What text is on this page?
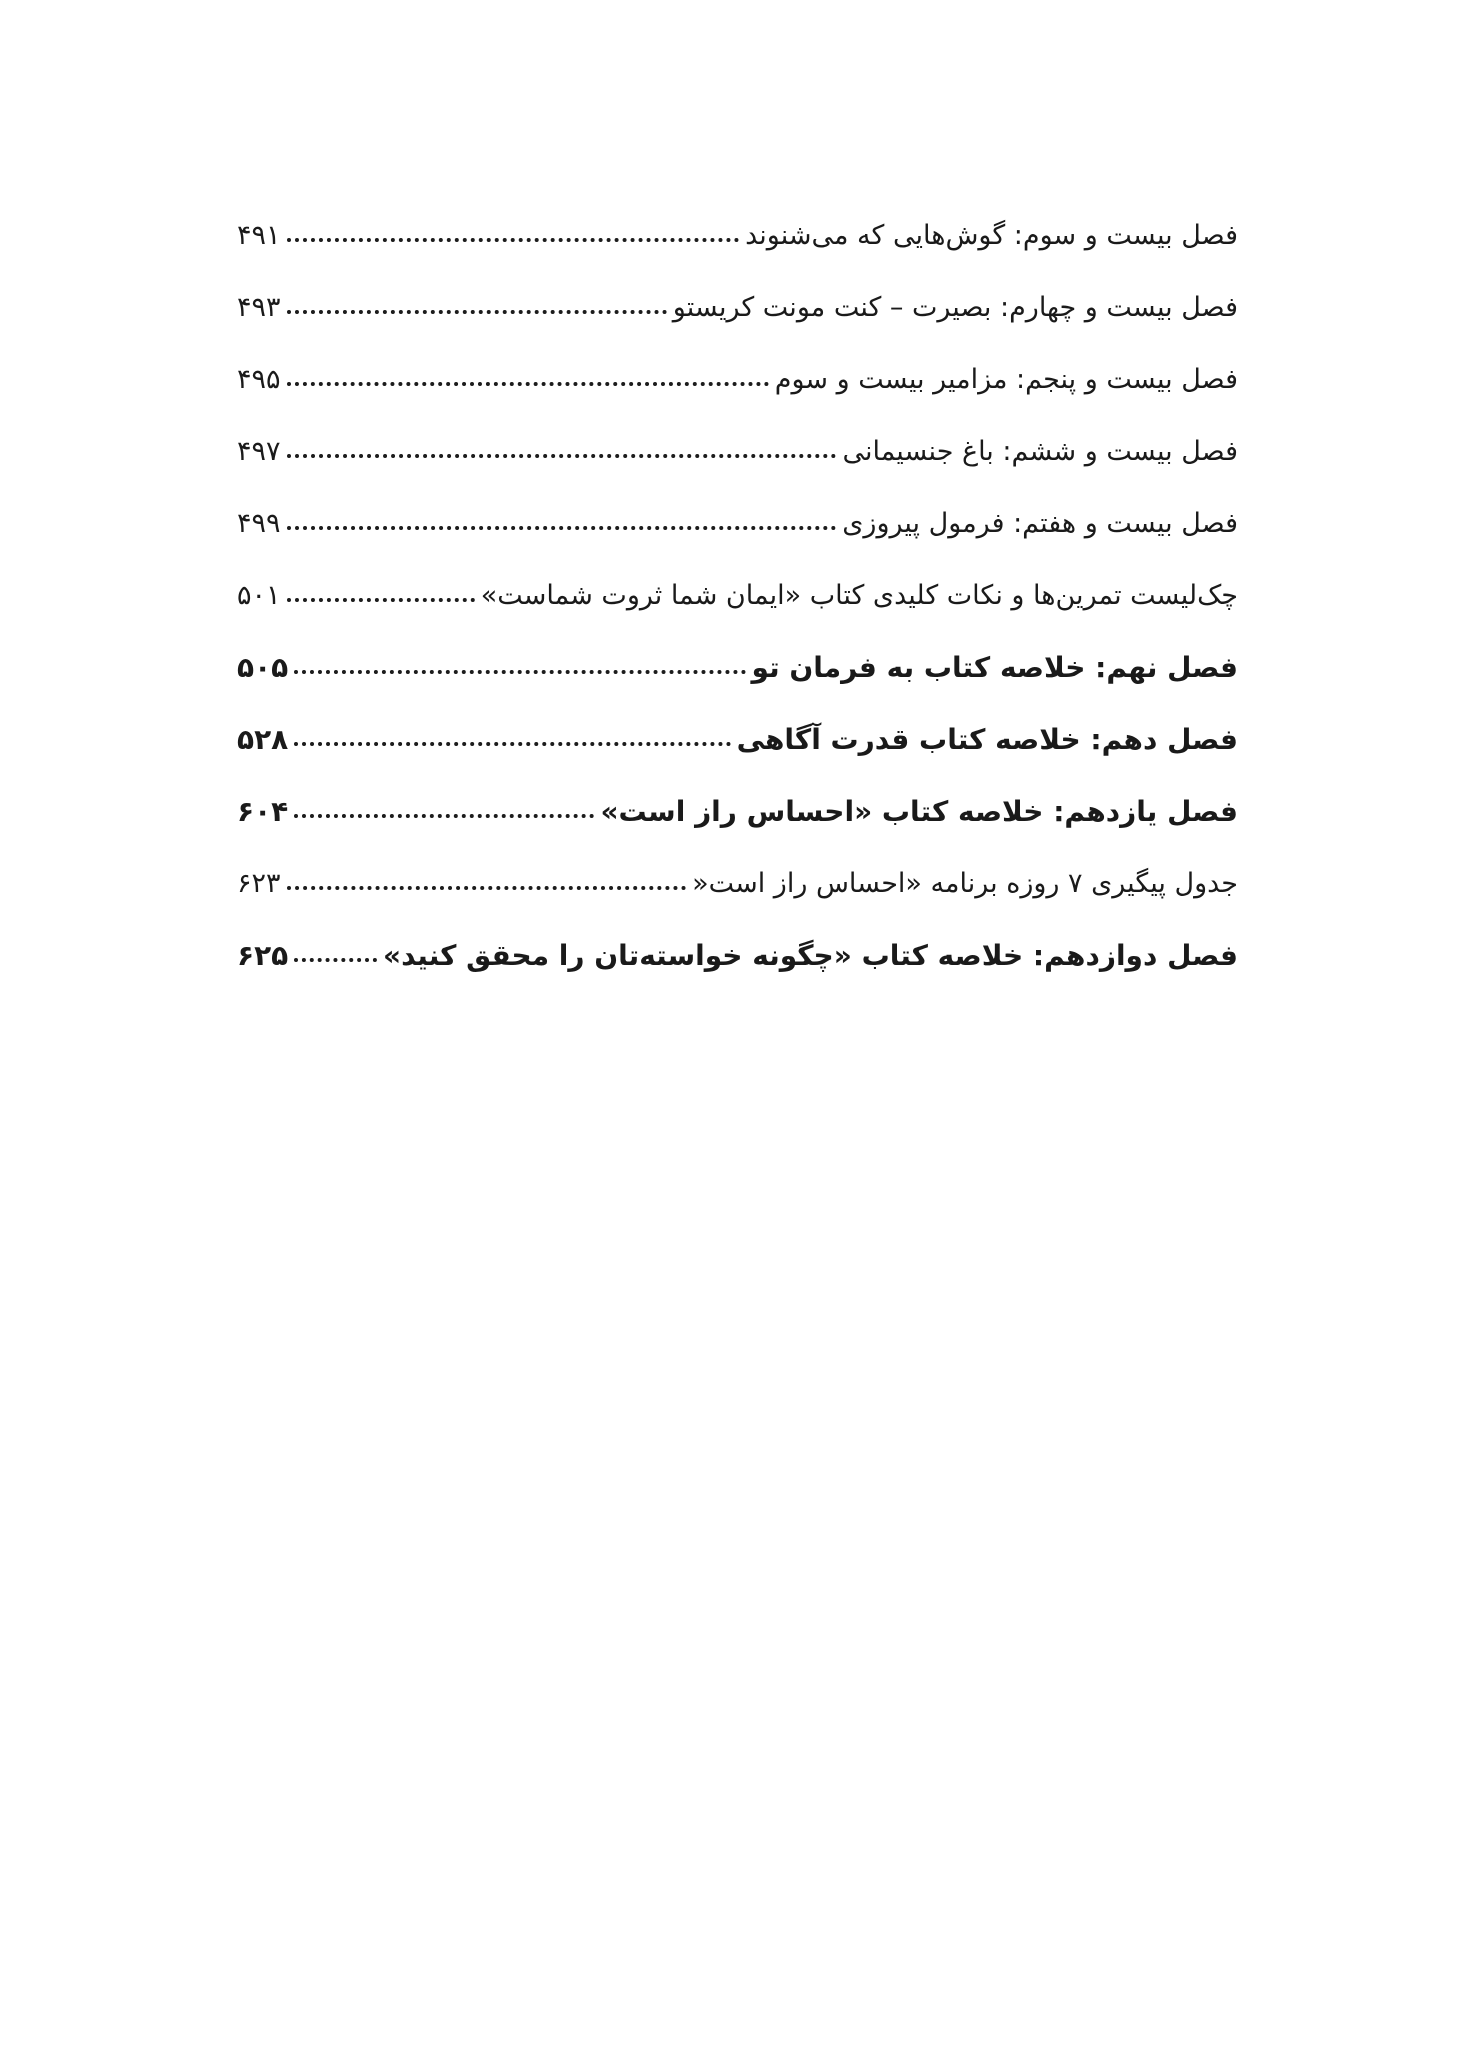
فصل بیست و سوم: گوش‌هایی که می‌شنوند
۴۹۱
فصل بیست و چهارم: بصیرت – کنت مونت کریستو
۴۹۳
فصل بیست و پنجم: مزامیر بیست و سوم
۴۹۵
فصل بیست و ششم: باغ جنسیمانی
۴۹۷
فصل بیست و هفتم: فرمول پیروزی
۴۹۹
چک‌لیست تمرین‌ها و نکات کلیدی کتاب «ایمان شما ثروت شماست»
۵۰۱
فصل نهم: خلاصه کتاب به فرمان تو
۵۰۵
فصل دهم: خلاصه کتاب قدرت آگاهی
۵۲۸
فصل یازدهم: خلاصه کتاب «احساس راز است»
۶۰۴
جدول پیگیری ۷ روزه برنامه «احساس راز است«
۶۲۳
فصل دوازدهم: خلاصه کتاب «چگونه خواسته‌تان را محقق کنید»
۶۲۵
